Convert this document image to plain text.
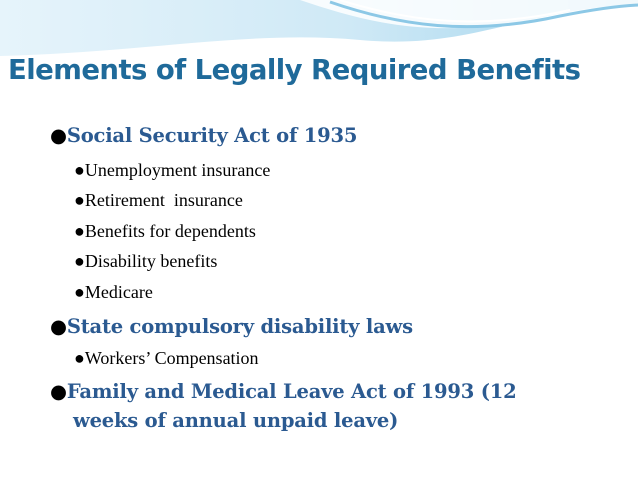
Elements of Legally Required Benefits
●Social Security Act of 1935
●Unemployment insurance
●Retirement  insurance
●Benefits for dependents
●Disability benefits
●Medicare
●State compulsory disability laws
●Workers’ Compensation
●Family and Medical Leave Act of 1993 (12
weeks of annual unpaid leave)
